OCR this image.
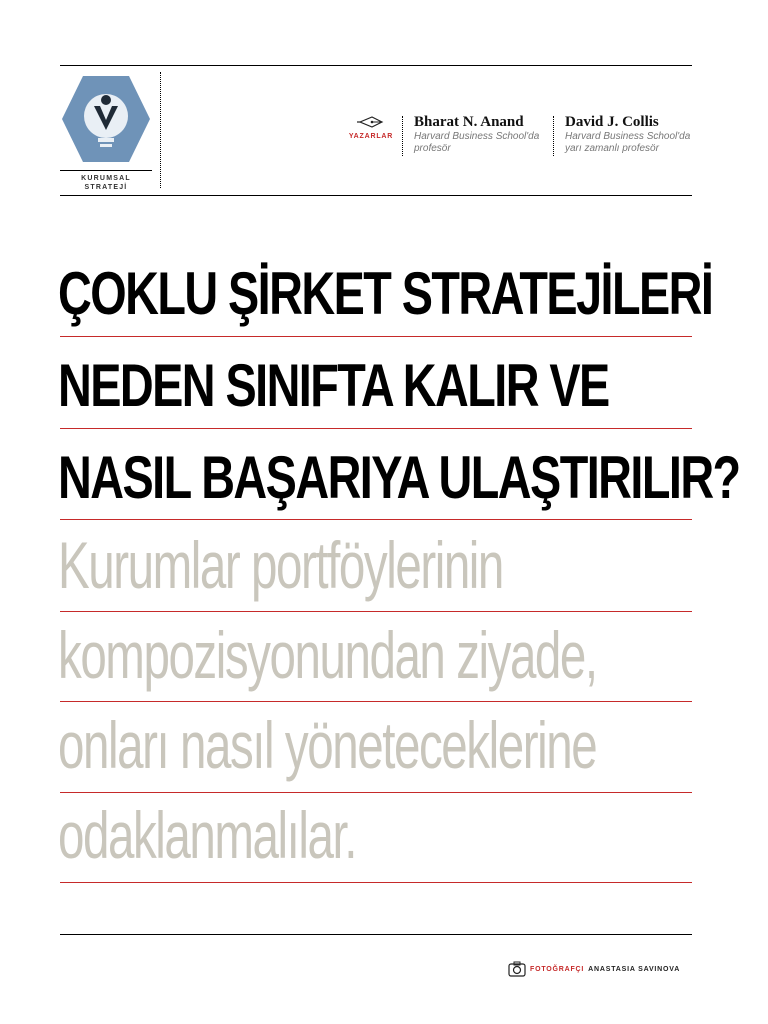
KURUMSAL
STRATEJİ
YAZARLAR
Bharat N. Anand
Harvard Business School'da profesör
David J. Collis
Harvard Business School'da yarı zamanlı profesör
ÇOKLU ŞİRKET STRATEJİLERİ
NEDEN SINIFTA KALIR VE
NASIL BAŞARIYA ULAŞTIRILIR?
Kurumlar portföylerinin
kompozisyonundan ziyade,
onları nasıl yöneteceklerine
odaklanmalılar.
FOTOĞRAFÇI ANASTASIA SAVINOVA
